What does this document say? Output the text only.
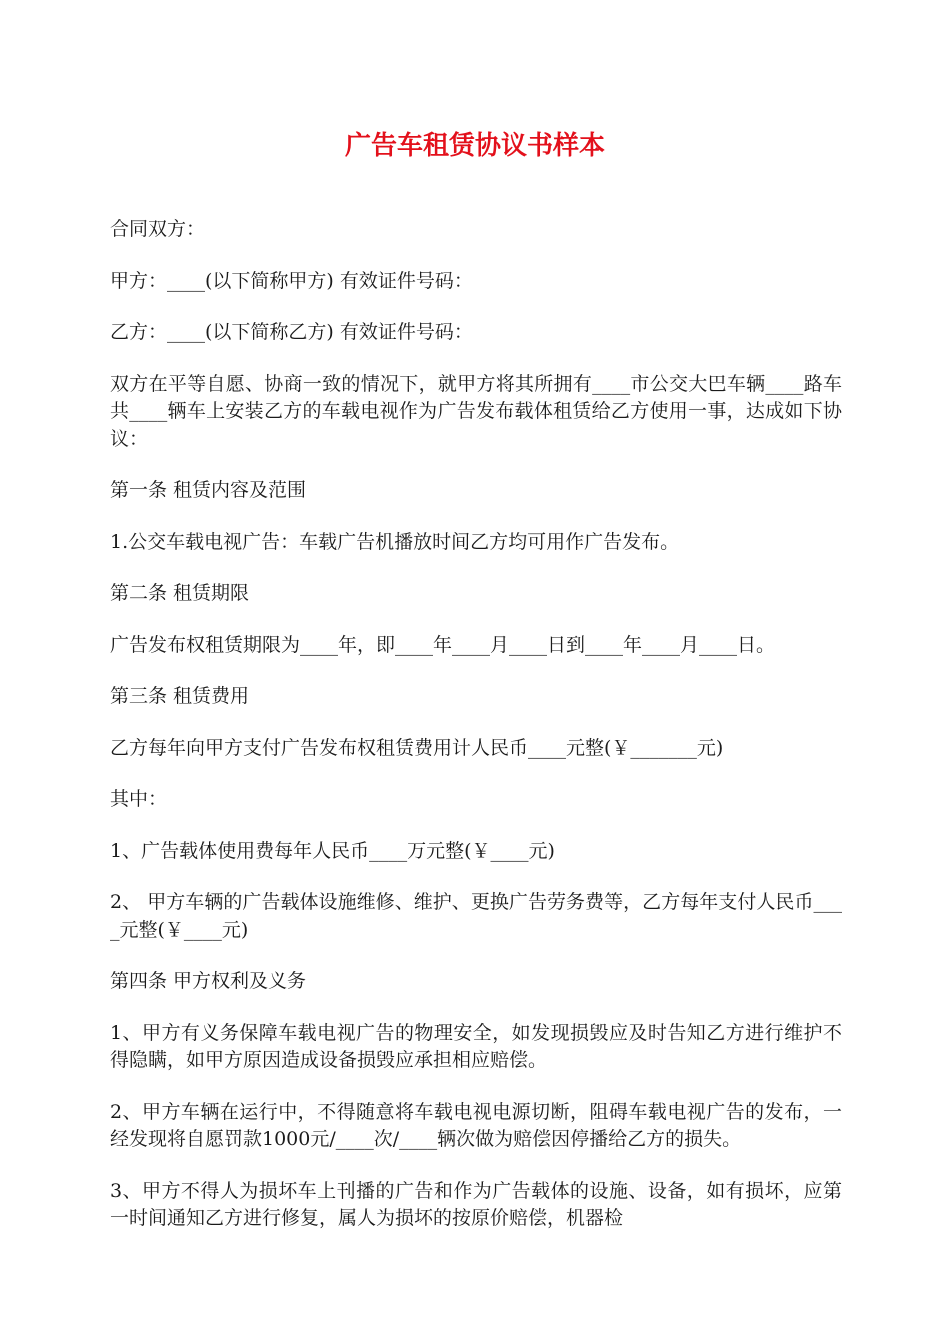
广告车租赁协议书样本

合同双方：

甲方：____(以下简称甲方) 有效证件号码：

乙方：____(以下简称乙方) 有效证件号码：

双方在平等自愿、协商一致的情况下，就甲方将其所拥有____市公交大巴车辆____路车共____辆车上安装乙方的车载电视作为广告发布载体租赁给乙方使用一事，达成如下协议：

第一条 租赁内容及范围

1.公交车载电视广告：车载广告机播放时间乙方均可用作广告发布。

第二条 租赁期限

广告发布权租赁期限为____年，即____年____月____日到____年____月____日。

第三条 租赁费用

乙方每年向甲方支付广告发布权租赁费用计人民币____元整(￥_______元)

其中：

1、广告载体使用费每年人民币____万元整(￥____元)

2、 甲方车辆的广告载体设施维修、维护、更换广告劳务费等，乙方每年支付人民币____元整(￥____元)

第四条 甲方权利及义务

1、甲方有义务保障车载电视广告的物理安全，如发现损毁应及时告知乙方进行维护不得隐瞒，如甲方原因造成设备损毁应承担相应赔偿。

2、甲方车辆在运行中，不得随意将车载电视电源切断，阻碍车载电视广告的发布，一经发现将自愿罚款1000元/____次/____辆次做为赔偿因停播给乙方的损失。

3、甲方不得人为损坏车上刊播的广告和作为广告载体的设施、设备，如有损坏，应第一时间通知乙方进行修复，属人为损坏的按原价赔偿，机器检
